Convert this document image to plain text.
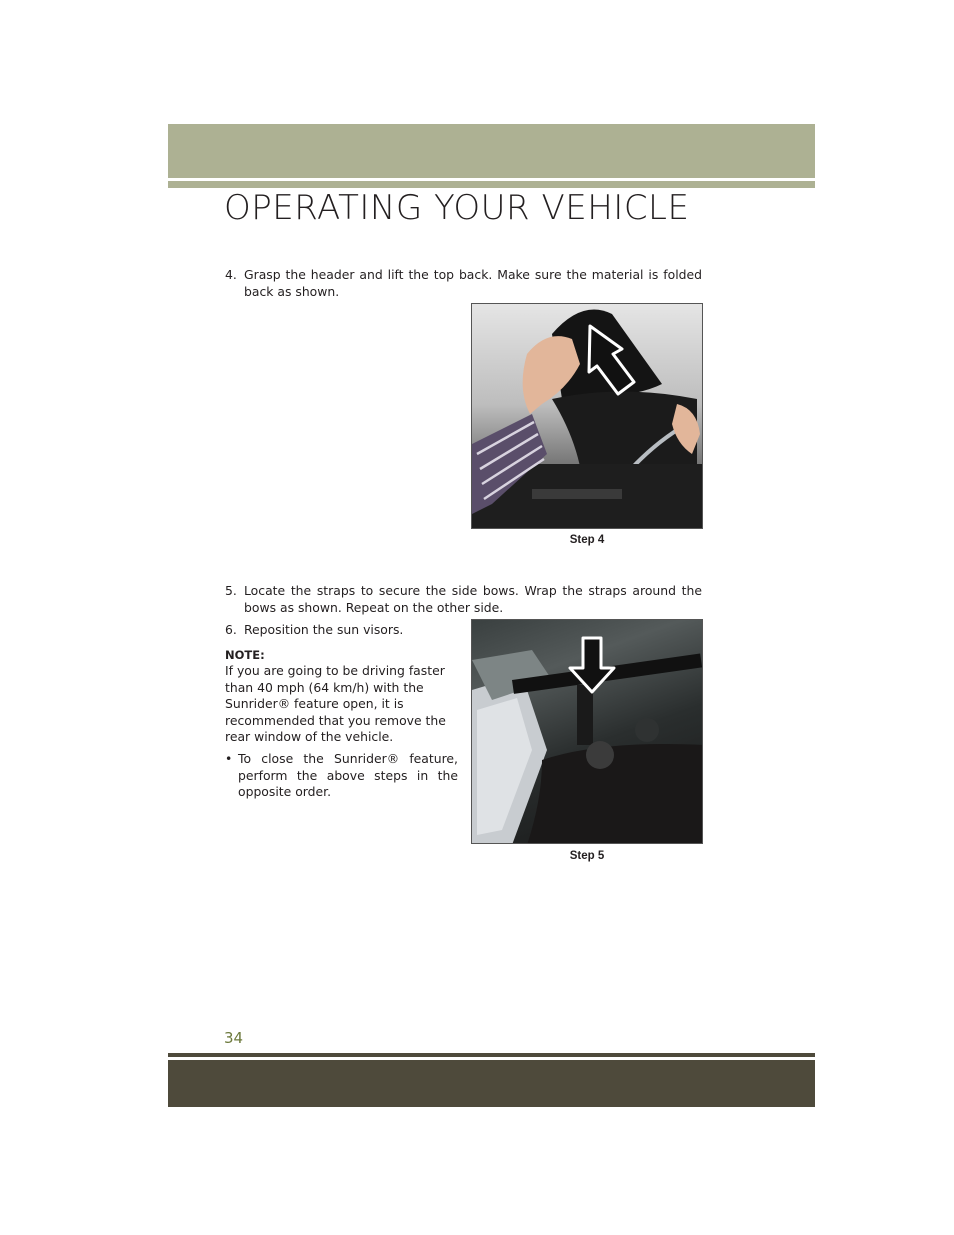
OPERATING YOUR VEHICLE
4. Grasp the header and lift the top back. Make sure the material is folded back as shown.
Step 4
5. Locate the straps to secure the side bows. Wrap the straps around the bows as shown. Repeat on the other side.
6. Reposition the sun visors.
Step 5
NOTE:
If you are going to be driving faster than 40 mph (64 km/h) with the Sunrider® feature open, it is recommended that you remove the rear window of the vehicle.
• To close the Sunrider® feature, perform the above steps in the opposite order.
34
